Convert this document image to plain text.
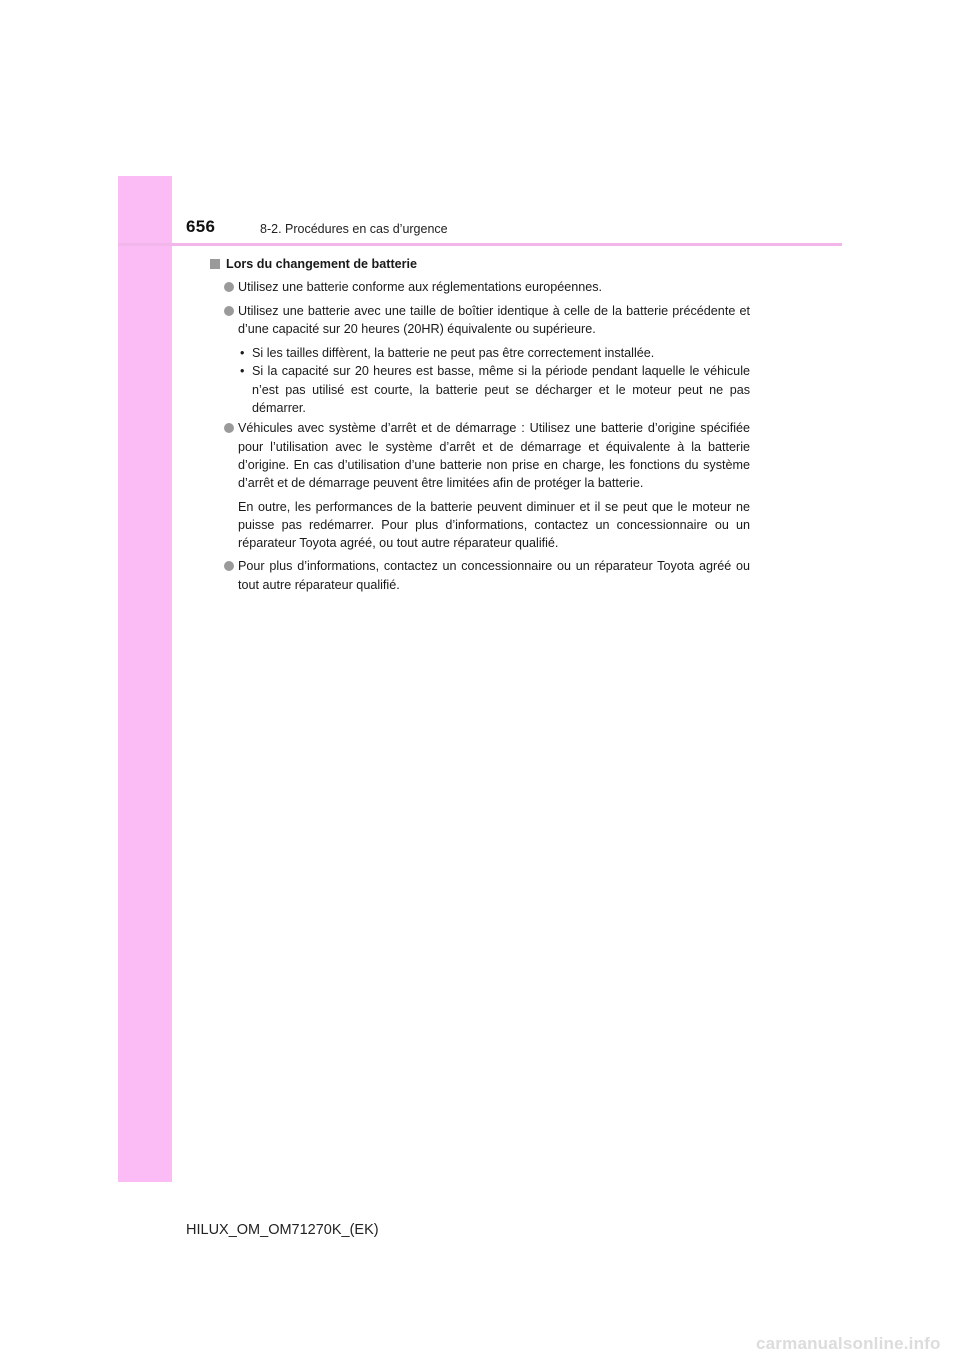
656	8-2. Procédures en cas d’urgence
Lors du changement de batterie
Utilisez une batterie conforme aux réglementations européennes.
Utilisez une batterie avec une taille de boîtier identique à celle de la batterie précédente et d’une capacité sur 20 heures (20HR) équivalente ou supérieure.
• Si les tailles diffèrent, la batterie ne peut pas être correctement installée.
• Si la capacité sur 20 heures est basse, même si la période pendant laquelle le véhicule n’est pas utilisé est courte, la batterie peut se décharger et le moteur peut ne pas démarrer.
Véhicules avec système d’arrêt et de démarrage : Utilisez une batterie d’origine spécifiée pour l’utilisation avec le système d’arrêt et de démarrage et équivalente à la batterie d’origine. En cas d’utilisation d’une batterie non prise en charge, les fonctions du système d’arrêt et de démarrage peuvent être limitées afin de protéger la batterie.
En outre, les performances de la batterie peuvent diminuer et il se peut que le moteur ne puisse pas redémarrer. Pour plus d’informations, contactez un concessionnaire ou un réparateur Toyota agréé, ou tout autre réparateur qualifié.
Pour plus d’informations, contactez un concessionnaire ou un réparateur Toyota agréé ou tout autre réparateur qualifié.
HILUX_OM_OM71270K_(EK)
carmanualsonline.info
